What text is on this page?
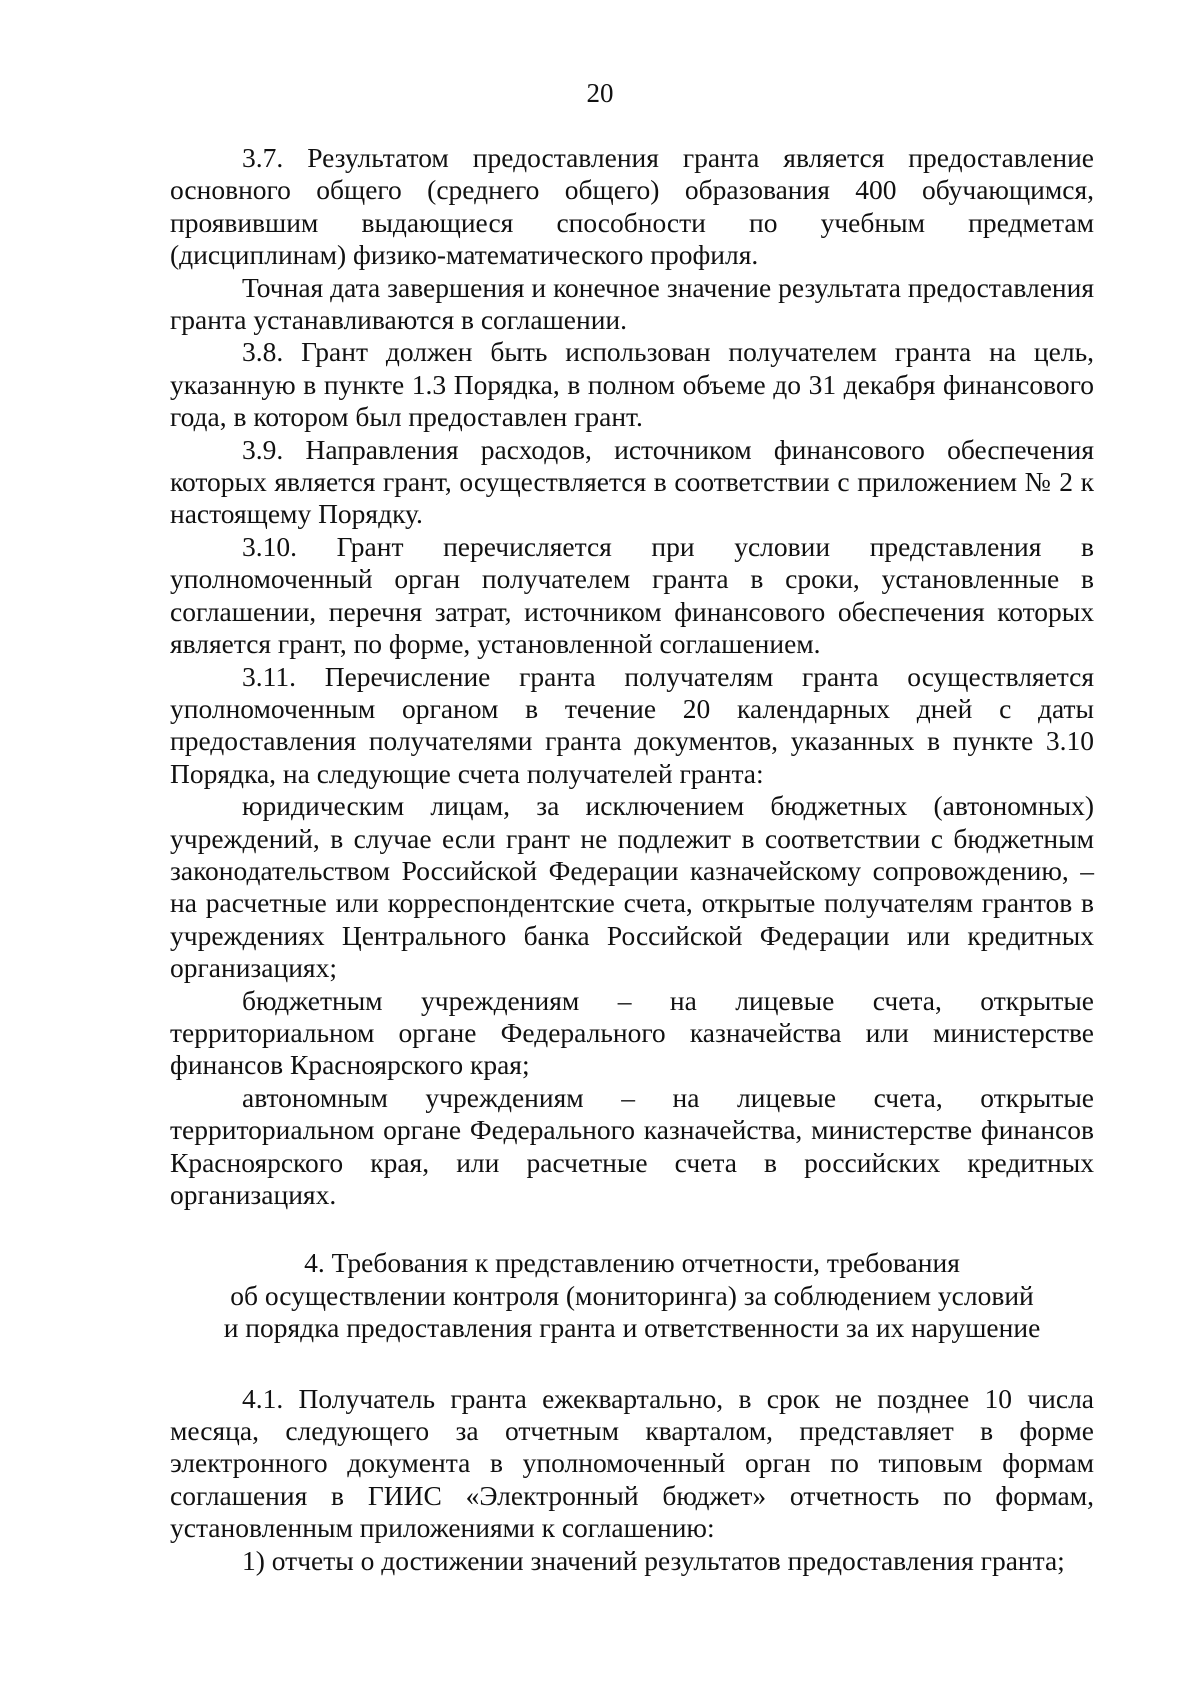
20

3.7. Результатом предоставления гранта является предоставление основного общего (среднего общего) образования 400 обучающимся, проявившим выдающиеся способности по учебным предметам (дисциплинам) физико-математического профиля.

Точная дата завершения и конечное значение результата предоставления гранта устанавливаются в соглашении.

3.8. Грант должен быть использован получателем гранта на цель, указанную в пункте 1.3 Порядка, в полном объеме до 31 декабря финансового года, в котором был предоставлен грант.

3.9. Направления расходов, источником финансового обеспечения которых является грант, осуществляется в соответствии с приложением № 2 к настоящему Порядку.

3.10. Грант перечисляется при условии представления в уполномоченный орган получателем гранта в сроки, установленные в соглашении, перечня затрат, источником финансового обеспечения которых является грант, по форме, установленной соглашением.

3.11. Перечисление гранта получателям гранта осуществляется уполномоченным органом в течение 20 календарных дней с даты предоставления получателями гранта документов, указанных в пункте 3.10 Порядка, на следующие счета получателей гранта:

юридическим лицам, за исключением бюджетных (автономных) учреждений, в случае если грант не подлежит в соответствии с бюджетным законодательством Российской Федерации казначейскому сопровождению, – на расчетные или корреспондентские счета, открытые получателям грантов в учреждениях Центрального банка Российской Федерации или кредитных организациях;

бюджетным учреждениям – на лицевые счета, открытые территориальном органе Федерального казначейства или министерстве финансов Красноярского края;

автономным учреждениям – на лицевые счета, открытые территориальном органе Федерального казначейства, министерстве финансов Красноярского края, или расчетные счета в российских кредитных организациях.

4. Требования к представлению отчетности, требования
об осуществлении контроля (мониторинга) за соблюдением условий
и порядка предоставления гранта и ответственности за их нарушение

4.1. Получатель гранта ежеквартально, в срок не позднее 10 числа месяца, следующего за отчетным кварталом, представляет в форме электронного документа в уполномоченный орган по типовым формам соглашения в ГИИС «Электронный бюджет» отчетность по формам, установленным приложениями к соглашению:

1) отчеты о достижении значений результатов предоставления гранта;
